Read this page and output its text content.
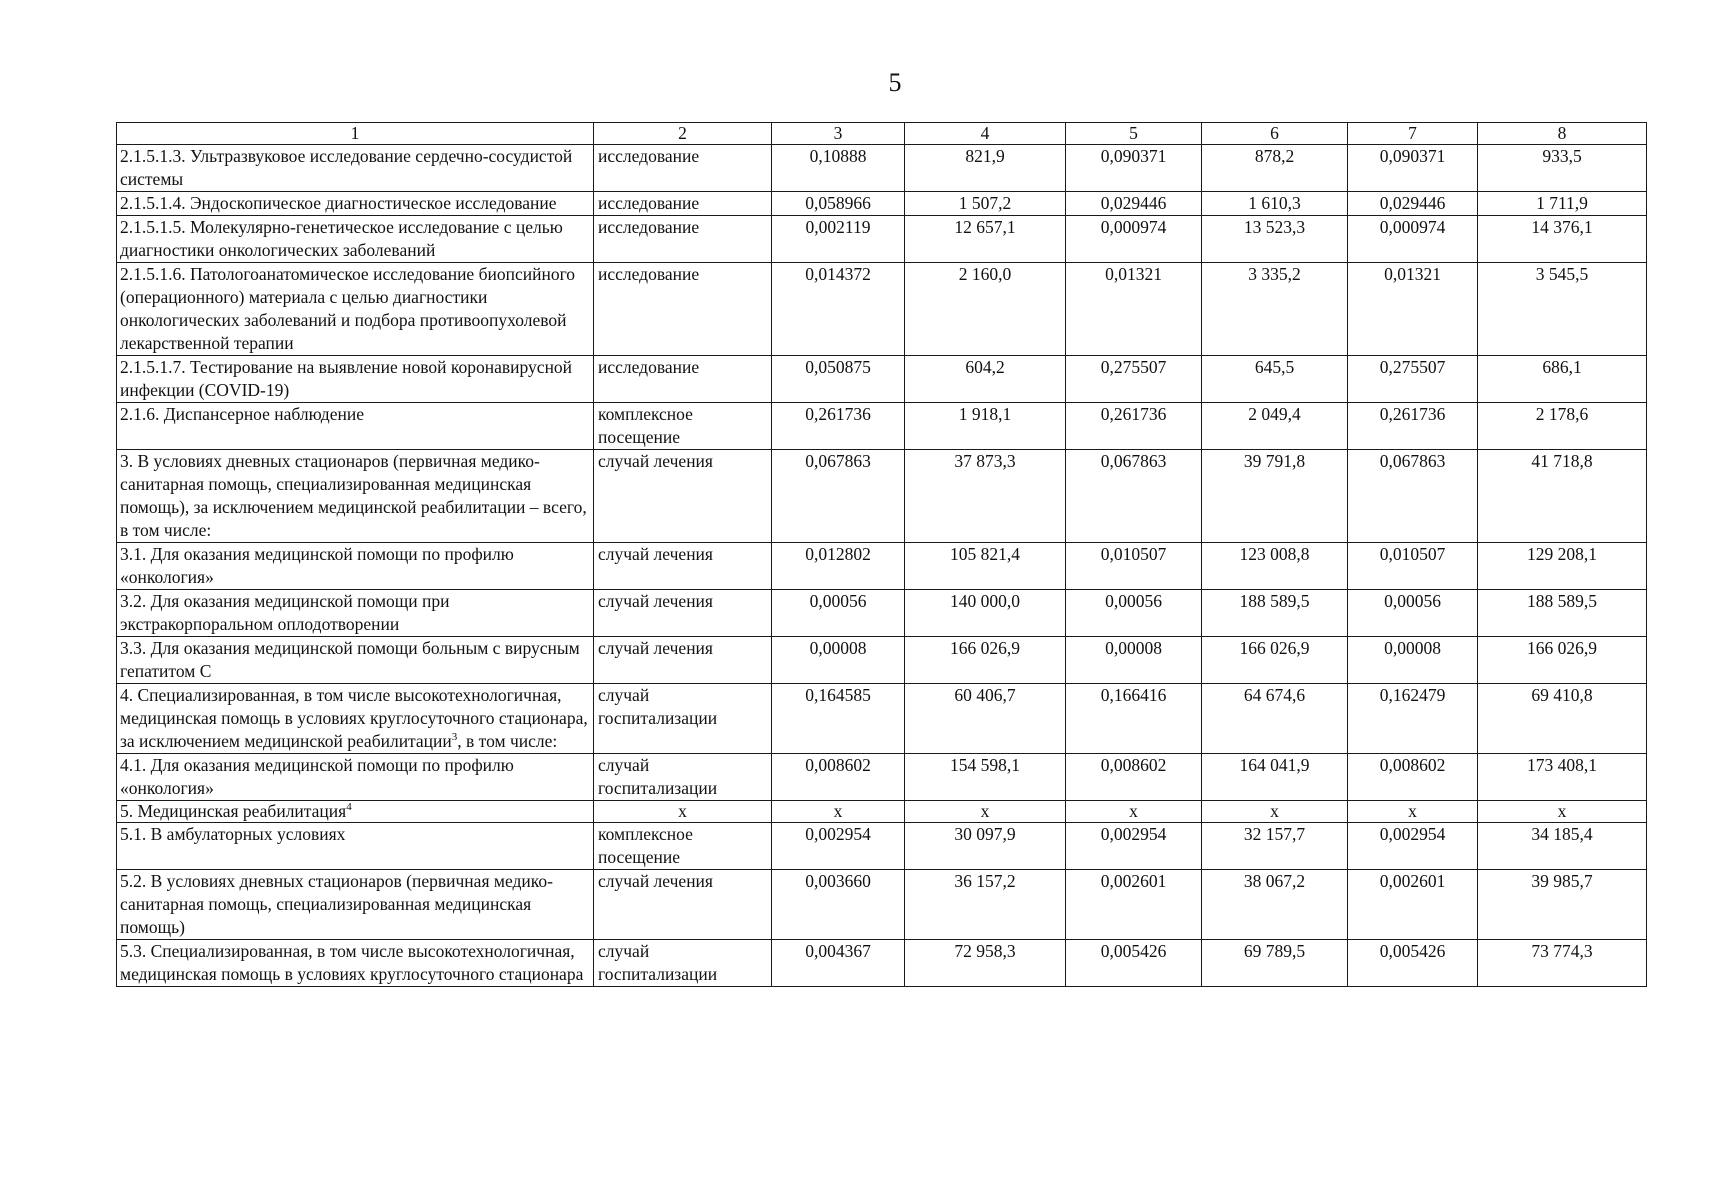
5
1	2	3	4	5	6	7	8
2.1.5.1.3. Ультразвуковое исследование сердечно-сосудистой системы	исследование	0,10888	821,9	0,090371	878,2	0,090371	933,5
2.1.5.1.4. Эндоскопическое диагностическое исследование	исследование	0,058966	1 507,2	0,029446	1 610,3	0,029446	1 711,9
2.1.5.1.5. Молекулярно-генетическое исследование с целью диагностики онкологических заболеваний	исследование	0,002119	12 657,1	0,000974	13 523,3	0,000974	14 376,1
2.1.5.1.6. Патологоанатомическое исследование биопсийного (операционного) материала с целью диагностики онкологических заболеваний и подбора противоопухолевой лекарственной терапии	исследование	0,014372	2 160,0	0,01321	3 335,2	0,01321	3 545,5
2.1.5.1.7. Тестирование на выявление новой коронавирусной инфекции (COVID-19)	исследование	0,050875	604,2	0,275507	645,5	0,275507	686,1
2.1.6. Диспансерное наблюдение	комплексное посещение	0,261736	1 918,1	0,261736	2 049,4	0,261736	2 178,6
3. В условиях дневных стационаров (первичная медико-санитарная помощь, специализированная медицинская помощь), за исключением медицинской реабилитации – всего, в том числе:	случай лечения	0,067863	37 873,3	0,067863	39 791,8	0,067863	41 718,8
3.1. Для оказания медицинской помощи по профилю «онкология»	случай лечения	0,012802	105 821,4	0,010507	123 008,8	0,010507	129 208,1
3.2. Для оказания медицинской помощи при экстракорпоральном оплодотворении	случай лечения	0,00056	140 000,0	0,00056	188 589,5	0,00056	188 589,5
3.3. Для оказания медицинской помощи больным с вирусным гепатитом С	случай лечения	0,00008	166 026,9	0,00008	166 026,9	0,00008	166 026,9
4. Специализированная, в том числе высокотехнологичная, медицинская помощь в условиях круглосуточного стационара, за исключением медицинской реабилитации$^3$, в том числе:	случай госпитализации	0,164585	60 406,7	0,166416	64 674,6	0,162479	69 410,8
4.1. Для оказания медицинской помощи по профилю «онкология»	случай госпитализации	0,008602	154 598,1	0,008602	164 041,9	0,008602	173 408,1
5. Медицинская реабилитация$^4$	х	х	х	х	х	х	х
5.1. В амбулаторных условиях	комплексное посещение	0,002954	30 097,9	0,002954	32 157,7	0,002954	34 185,4
5.2. В условиях дневных стационаров (первичная медико-санитарная помощь, специализированная медицинская помощь)	случай лечения	0,003660	36 157,2	0,002601	38 067,2	0,002601	39 985,7
5.3. Специализированная, в том числе высокотехнологичная, медицинская помощь в условиях круглосуточного стационара	случай госпитализации	0,004367	72 958,3	0,005426	69 789,5	0,005426	73 774,3
